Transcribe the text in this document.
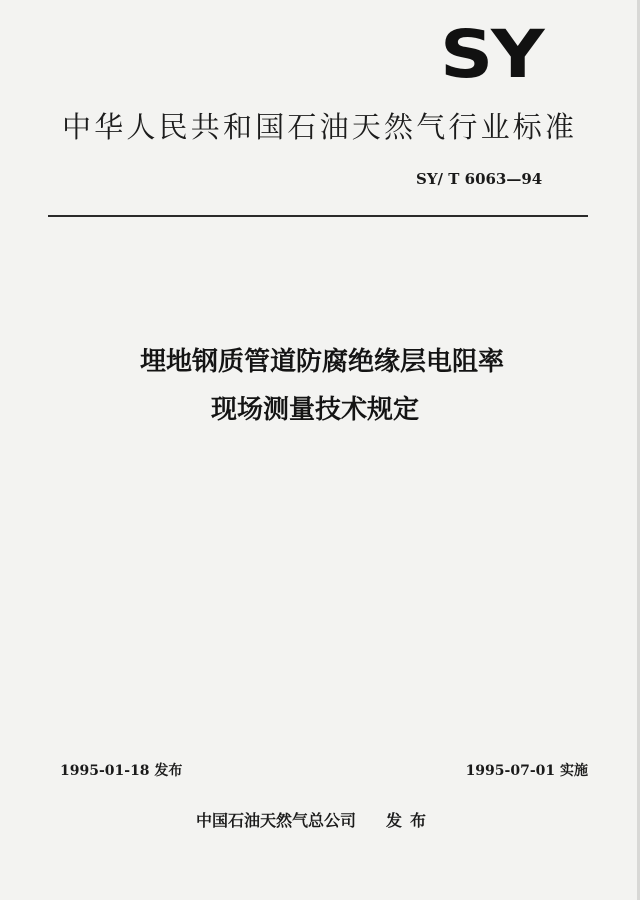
SY
中华人民共和国石油天然气行业标准
SY/ T 6063—94
埋地钢质管道防腐绝缘层电阻率
现场测量技术规定
1995-01-18 发布	1995-07-01 实施
中国石油天然气总公司 发布
